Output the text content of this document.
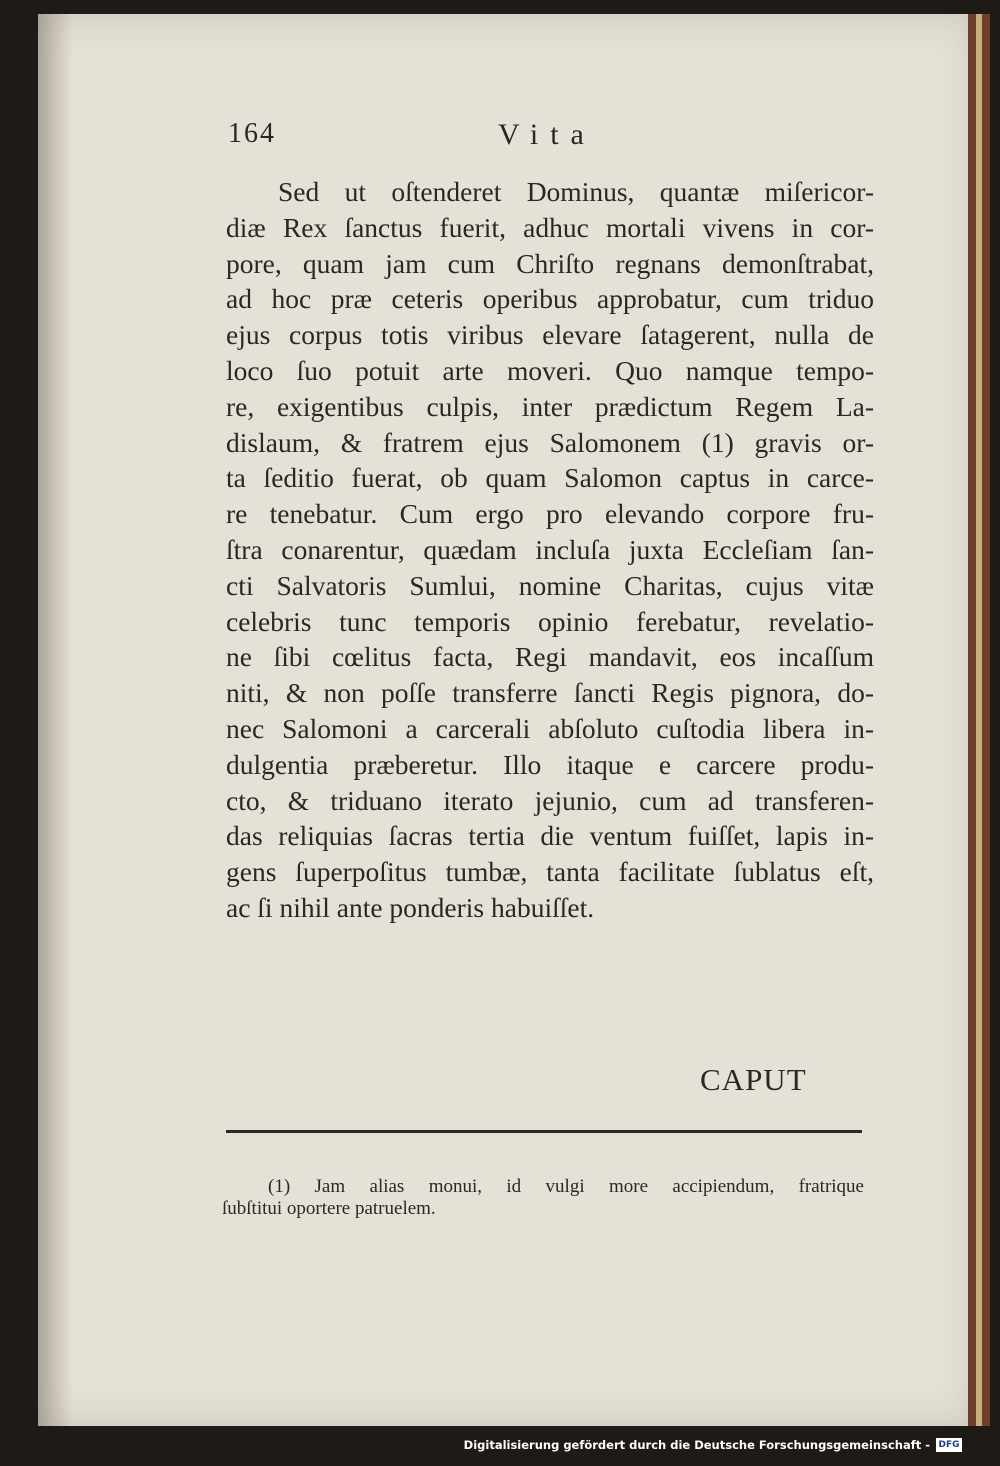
164	Vita
Sed ut oſtenderet Dominus, quantæ miſericor-
diæ Rex ſanctus fuerit, adhuc mortali vivens in cor-
pore, quam jam cum Chriſto regnans demonſtrabat,
ad hoc præ ceteris operibus approbatur, cum triduo
ejus corpus totis viribus elevare ſatagerent, nulla de
loco ſuo potuit arte moveri. Quo namque tempo-
re, exigentibus culpis, inter prædictum Regem La-
dislaum, & fratrem ejus Salomonem (1) gravis or-
ta ſeditio fuerat, ob quam Salomon captus in carce-
re tenebatur. Cum ergo pro elevando corpore fru-
ſtra conarentur, quædam incluſa juxta Eccleſiam ſan-
cti Salvatoris Sumlui, nomine Charitas, cujus vitæ
celebris tunc temporis opinio ferebatur, revelatio-
ne ſibi cœlitus facta, Regi mandavit, eos incaſſum
niti, & non poſſe transferre ſancti Regis pignora, do-
nec Salomoni a carcerali abſoluto cuſtodia libera in-
dulgentia præberetur. Illo itaque e carcere produ-
cto, & triduano iterato jejunio, cum ad transferen-
das reliquias ſacras tertia die ventum fuiſſet, lapis in-
gens ſuperpoſitus tumbæ, tanta facilitate ſublatus eſt,
ac ſi nihil ante ponderis habuiſſet.
CAPUT
(1) Jam alias monui, id vulgi more accipiendum, fratrique
ſubſtitui oportere patruelem.
Digitalisierung gefördert durch die Deutsche Forschungsgemeinschaft - DFG
